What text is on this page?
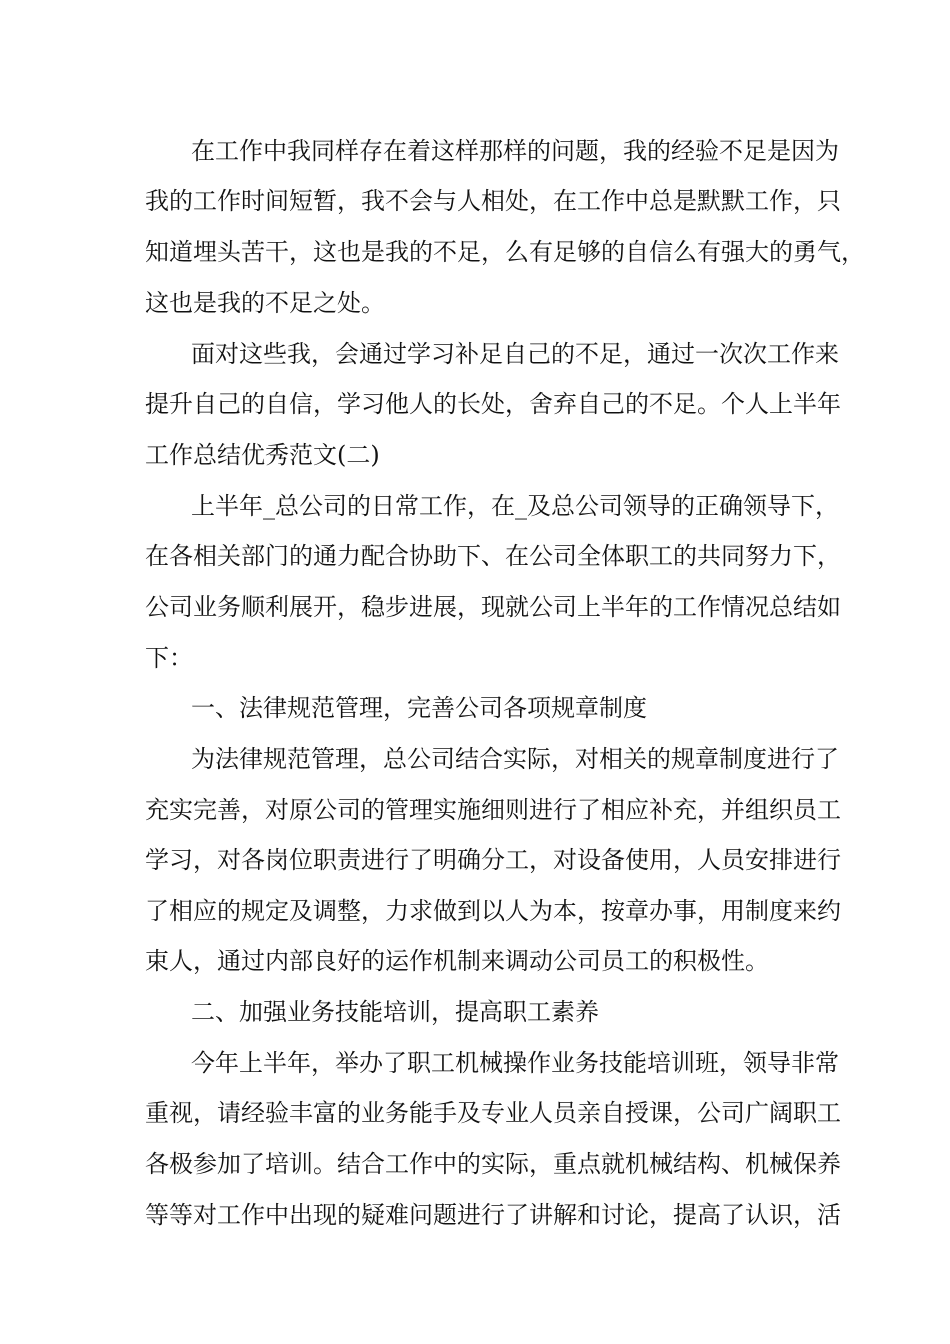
在工作中我同样存在着这样那样的问题，我的经验不足是因为
我的工作时间短暂，我不会与人相处，在工作中总是默默工作，只
知道埋头苦干，这也是我的不足，么有足够的自信么有强大的勇气，
这也是我的不足之处。
面对这些我，会通过学习补足自己的不足，通过一次次工作来
提升自己的自信，学习他人的长处，舍弃自己的不足。个人上半年
工作总结优秀范文(二)
上半年_总公司的日常工作，在_及总公司领导的正确领导下，
在各相关部门的通力配合协助下、在公司全体职工的共同努力下，
公司业务顺利展开，稳步进展，现就公司上半年的工作情况总结如
下：
一、法律规范管理，完善公司各项规章制度
为法律规范管理，总公司结合实际，对相关的规章制度进行了
充实完善，对原公司的管理实施细则进行了相应补充，并组织员工
学习，对各岗位职责进行了明确分工，对设备使用，人员安排进行
了相应的规定及调整，力求做到以人为本，按章办事，用制度来约
束人，通过内部良好的运作机制来调动公司员工的积极性。
二、加强业务技能培训，提高职工素养
今年上半年，举办了职工机械操作业务技能培训班，领导非常
重视，请经验丰富的业务能手及专业人员亲自授课，公司广阔职工
各极参加了培训。结合工作中的实际，重点就机械结构、机械保养
等等对工作中出现的疑难问题进行了讲解和讨论，提高了认识，活
